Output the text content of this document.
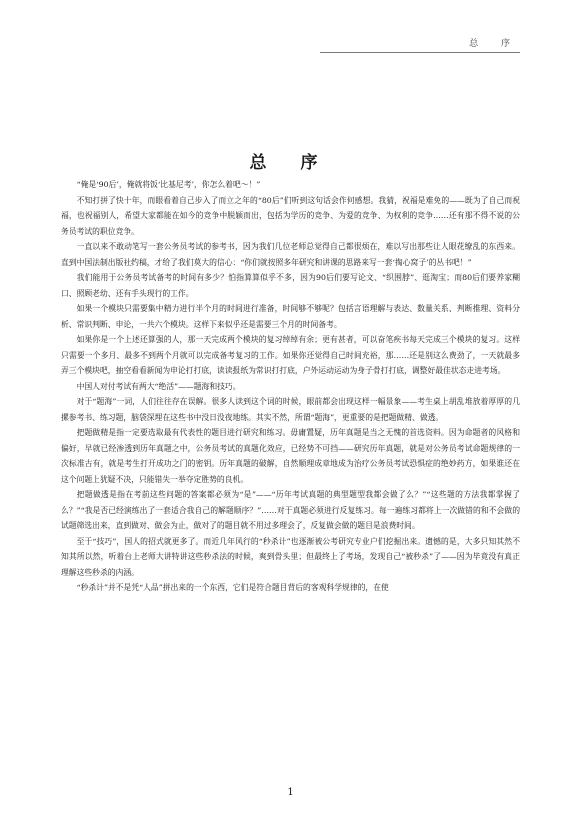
总 序
总 序

“俺是‘90后’，俺就将饭‘比基尼考’，你怎么着吧～！”

不知打拼了快十年，而眼看着自己步入了而立之年的“80后”们听到这句话会作何感想。我猜，祝福是难免的——既为了自己而祝福，也祝福别人，希望大家都能在如今的竞争中脱颖而出，包括为学历的竞争、为爱的竞争、为权利的竞争……还有那不得不说的公务员考试的职位竞争。

一直以来不敢动笔写一套公务员考试的参考书，因为我们几位老师总觉得自己都很烦在，难以写出那些让人眼花缭乱的东西来。直到中国法制出版社约稿，才给了我们莫大的信心：“你们就按照多年研究和讲课的思路来写一套‘掏心窝子’的丛书吧！”

我们能用于公务员考试备考的时间有多少？怕指算算似乎不多，因为90后们要写论文、“织围脖”、逛淘宝；而80后们要养家糊口、照顾老幼、还有手头现行的工作。

如果一个模块只需要集中精力进行半个月的时间进行准备，时间够不够呢？包括言语理解与表达、数量关系、判断推理、资料分析、常识判断、申论，一共六个模块。这样下来似乎还是需要三个月的时间备考。

如果你是一个上述还算强的人，那一天完成两个模块的复习绰绰有余；更有甚者，可以奋笔疾书每天完成三个模块的复习。这样只需要一个多月、最多不到两个月就可以完成备考复习的工作。如果你还觉得自己时间充裕，那……还是别这么费劲了，一天就最多弄三个模块吧，抽空看看新闻为申论打打底，读读报纸为常识打打底，户外运动运动为身子骨打打底，调整好最佳状态走进考场。

中国人对付考试有两大“绝活”——题海和技巧。

对于“题海”一词，人们往往存在误解。很多人读到这个词的时候，眼前都会出现这样一幅景象——考生桌上胡乱堆放着厚厚的几摞参考书、练习题，脑袋深埋在这些书中没日没夜地练。其实不然，所谓“题海”，更重要的是把题做精、做透。

把题做精是指一定要选取最有代表性的题目进行研究和练习。毋庸置疑，历年真题是当之无愧的首选资料。因为命题者的风格和偏好，早就已经渗透到历年真题之中，公务员考试的真题化效应，已经势不可挡——研究历年真题，就是对公务员考试命题规律的一次标准古有，就是考生打开成功之门的密钥。历年真题的破解，自然顺理成章地成为治疗公务员考试恐惧症的绝妙药方，如果谁还在这个问题上犹疑不决，只能错失一举夺定胜势的良机。

把题做透是指在考前这些问题的答案都必须为“是”——“历年考试真题的典型题型我都会做了么？”“这些题的方法我都掌握了么？”“我是否已经演练出了一套适合我自己的解题顺序？”……对于真题必须进行反复练习。每一遍练习都将上一次做错的和不会做的试题筛选出来，直到做对、做会为止，做对了的题目就不用过多理会了，反复做会做的题目是浪费时间。

至于“技巧”，国人的招式就更多了。而近几年风行的“秒杀计”也逐渐被公考研究专业户们挖掘出来。遗憾的是，大多只知其然不知其所以然，听着台上老师大讲特讲这些秒杀法的时候，爽到骨头里；但最终上了考场，发现自己“被秒杀”了——因为毕竟没有真正理解这些秒杀的内涵。

“秒杀计”并不是凭“人品”拼出来的一个东西，它们是符合题目背后的客观科学规律的，在使

1
